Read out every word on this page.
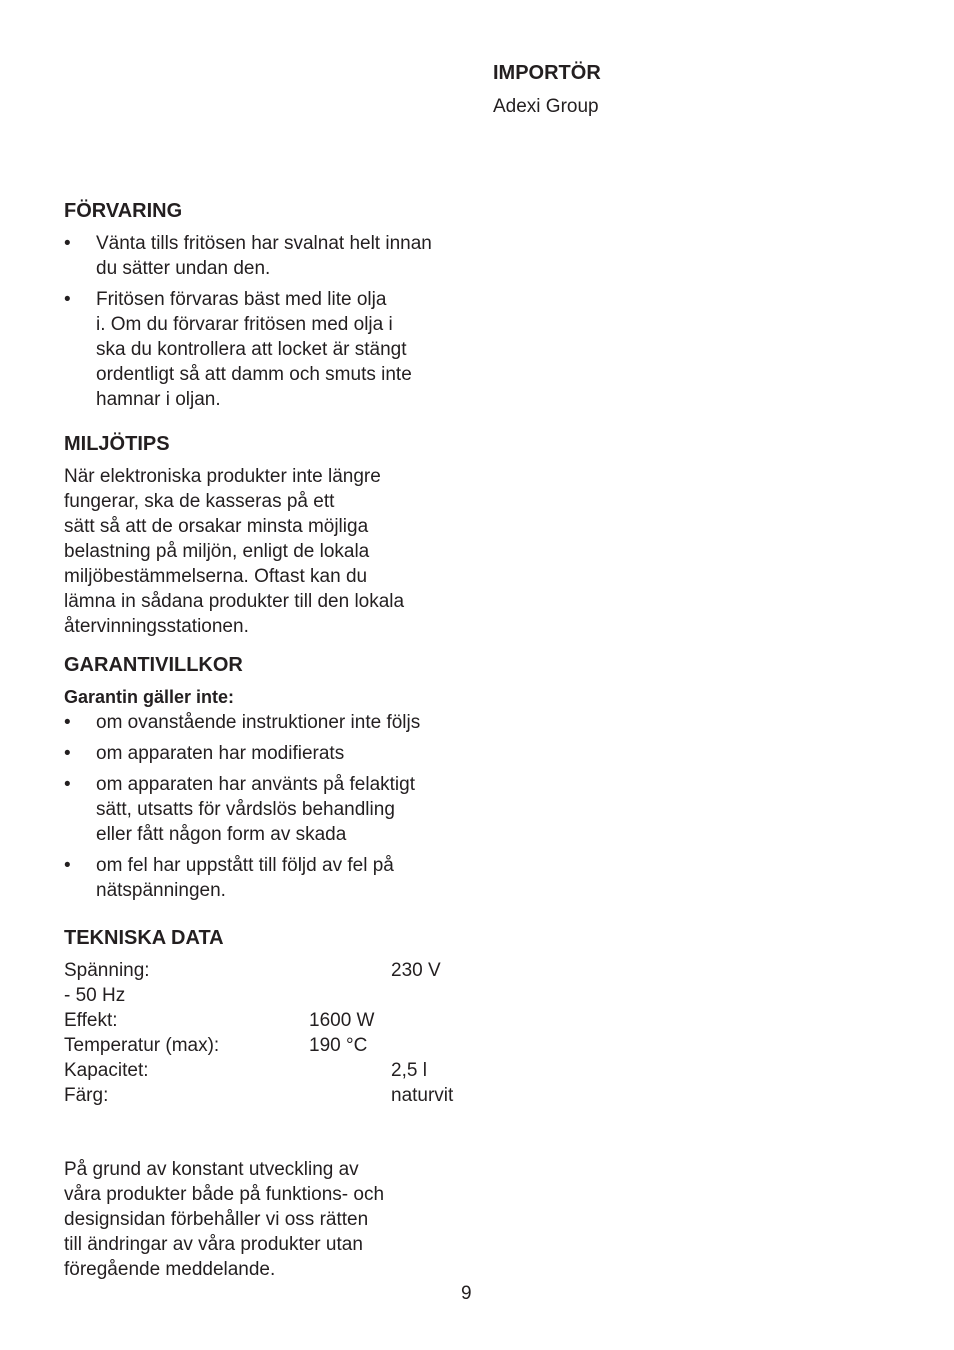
IMPORTÖR
Adexi Group
FÖRVARING
• Vänta tills fritösen har svalnat helt innan
du sätter undan den.
• Fritösen förvaras bäst med lite olja
i. Om du förvarar fritösen med olja i
ska du kontrollera att locket är stängt
ordentligt så att damm och smuts inte
hamnar i oljan.
MILJÖTIPS
När elektroniska produkter inte längre
fungerar, ska de kasseras på ett
sätt så att de orsakar minsta möjliga
belastning på miljön, enligt de lokala
miljöbestämmelserna. Oftast kan du
lämna in sådana produkter till den lokala
återvinningsstationen.
GARANTIVILLKOR
Garantin gäller inte:
• om ovanstående instruktioner inte följs
• om apparaten har modifierats
• om apparaten har använts på felaktigt
sätt, utsatts för vårdslös behandling
eller fått någon form av skada
• om fel har uppstått till följd av fel på
nätspänningen.
TEKNISKA DATA
Spänning:	230 V
- 50 Hz
Effekt:	1600 W
Temperatur (max):	190 °C
Kapacitet:	2,5 l
Färg:	naturvit
På grund av konstant utveckling av
våra produkter både på funktions- och
designsidan förbehåller vi oss rätten
till ändringar av våra produkter utan
föregående meddelande.
9
